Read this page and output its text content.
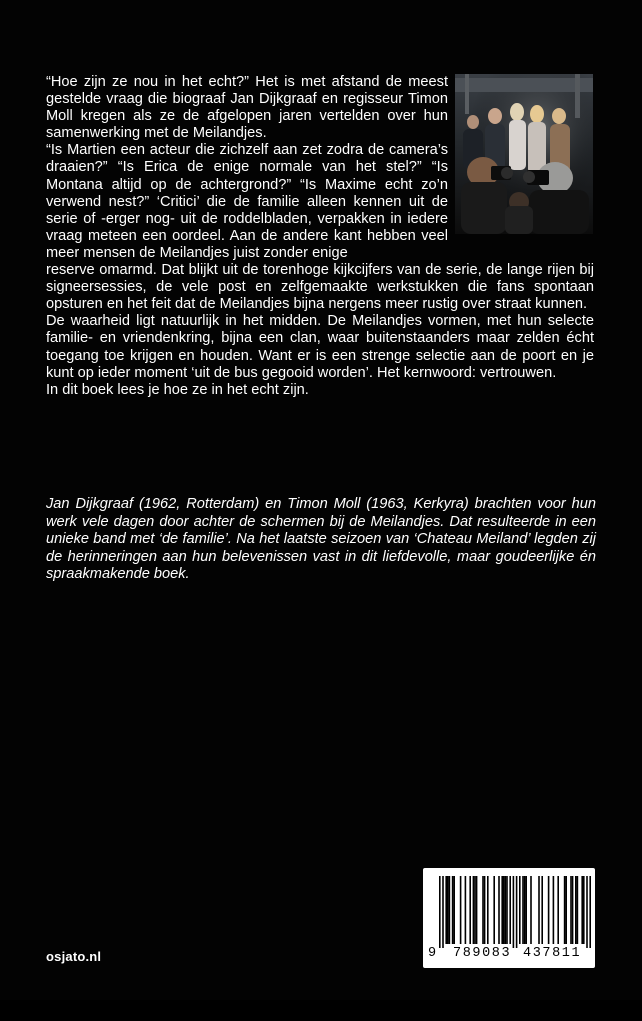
“Hoe zijn ze nou in het echt?” Het is met afstand de meest gestelde vraag die biograaf Jan Dijkgraaf en regisseur Timon Moll kregen als ze de afgelopen jaren vertelden over hun samenwerking met de Meilandjes.

“Is Martien een acteur die zichzelf aan zet zodra de camera’s draaien?” “Is Erica de enige normale van het stel?” “Is Montana altijd op de achtergrond?” “Is Maxime echt zo’n verwend nest?” ‘Critici’ die de familie alleen kennen uit de serie of -erger nog- uit de roddelbladen, verpakken in iedere vraag meteen een oordeel. Aan de andere kant hebben veel meer mensen de Meilandjes juist zonder enige

reserve omarmd. Dat blijkt uit de torenhoge kijkcijfers van de serie, de lange rijen bij signeersessies, de vele post en zelfgemaakte werkstukken die fans spontaan opsturen en het feit dat de Meilandjes bijna nergens meer rustig over straat kunnen.

De waarheid ligt natuurlijk in het midden. De Meilandjes vormen, met hun selecte familie- en vriendenkring, bijna een clan, waar buitenstaanders maar zelden écht toegang toe krijgen en houden. Want er is een strenge selectie aan de poort en je kunt op ieder moment ‘uit de bus gegooid worden’. Het kernwoord: vertrouwen.

In dit boek lees je hoe ze in het echt zijn.

Jan Dijkgraaf (1962, Rotterdam) en Timon Moll (1963, Kerkyra) brachten voor hun werk vele dagen door achter de schermen bij de Meilandjes. Dat resulteerde in een unieke band met ‘de familie’. Na het laatste seizoen van ‘Chateau Meiland’ legden zij de herinneringen aan hun belevenissen vast in dit liefdevolle, maar goudeerlijke én spraakmakende boek.

osjato.nl

	9

789083

437811
